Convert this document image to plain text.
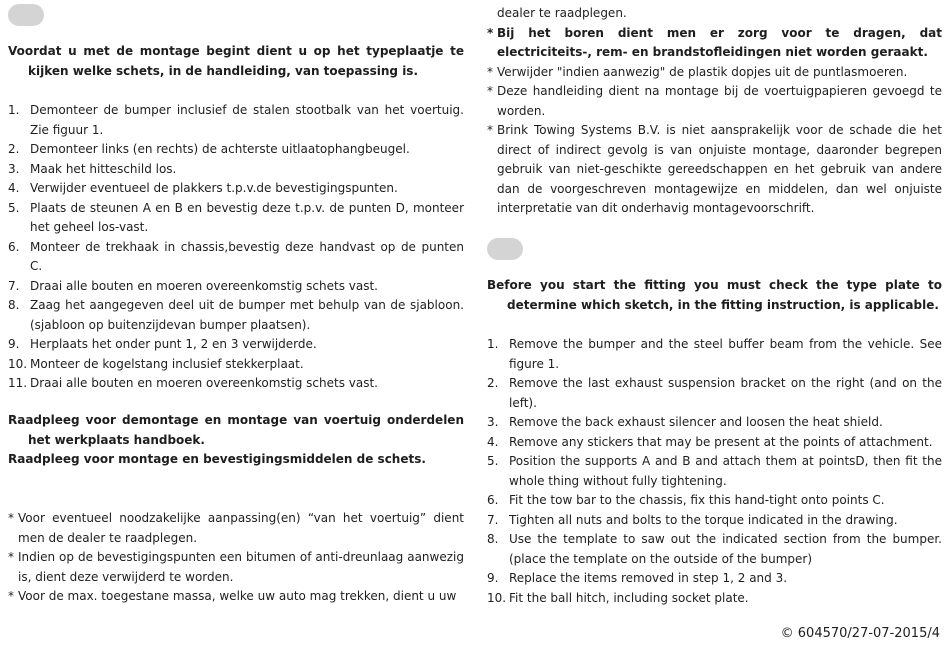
Voordat u met de montage begint dient u op het typeplaatje te kijken welke schets, in de handleiding, van toepassing is.
1. Demonteer de bumper inclusief de stalen stootbalk van het voertuig. Zie figuur 1.
2. Demonteer links (en rechts) de achterste uitlaatophangbeugel.
3. Maak het hitteschild los.
4. Verwijder eventueel de plakkers t.p.v.de bevestigingspunten.
5. Plaats de steunen A en B en bevestig deze t.p.v. de punten D, monteer het geheel los-vast.
6. Monteer de trekhaak in chassis,bevestig deze handvast op de punten C.
7. Draai alle bouten en moeren overeenkomstig schets vast.
8. Zaag het aangegeven deel uit de bumper met behulp van de sjabloon. (sjabloon op buitenzijdevan bumper plaatsen).
9. Herplaats het onder punt 1, 2 en 3 verwijderde.
10. Monteer de kogelstang inclusief stekkerplaat.
11. Draai alle bouten en moeren overeenkomstig schets vast.
Raadpleeg voor demontage en montage van voertuig onderdelen het werkplaats handboek.
Raadpleeg voor montage en bevestigingsmiddelen de schets.
* Voor eventueel noodzakelijke aanpassing(en) “van het voertuig” dient men de dealer te raadplegen.
* Indien op de bevestigingspunten een bitumen of anti-dreunlaag aanwezig is, dient deze verwijderd te worden.
* Voor de max. toegestane massa, welke uw auto mag trekken, dient u uw
dealer te raadplegen.
* Bij het boren dient men er zorg voor te dragen, dat electriciteits-, rem- en brandstofleidingen niet worden geraakt.
* Verwijder "indien aanwezig" de plastik dopjes uit de puntlasmoeren.
* Deze handleiding dient na montage bij de voertuigpapieren gevoegd te worden.
* Brink Towing Systems B.V. is niet aansprakelijk voor de schade die het direct of indirect gevolg is van onjuiste montage, daaronder begrepen gebruik van niet-geschikte gereedschappen en het gebruik van andere dan de voorgeschreven montagewijze en middelen, dan wel onjuiste interpretatie van dit onderhavig montagevoorschrift.
Before you start the fitting you must check the type plate to determine which sketch, in the fitting instruction, is applicable.
1. Remove the bumper and the steel buffer beam from the vehicle. See figure 1.
2. Remove the last exhaust suspension bracket on the right (and on the left).
3. Remove the back exhaust silencer and loosen the heat shield.
4. Remove any stickers that may be present at the points of attachment.
5. Position the supports A and B and attach them at pointsD, then fit the whole thing without fully tightening.
6. Fit the tow bar to the chassis, fix this hand-tight onto points C.
7. Tighten all nuts and bolts to the torque indicated in the drawing.
8. Use the template to saw out the indicated section from the bumper. (place the template on the outside of the bumper)
9. Replace the items removed in step 1, 2 and 3.
10. Fit the ball hitch, including socket plate.
© 604570/27-07-2015/4
